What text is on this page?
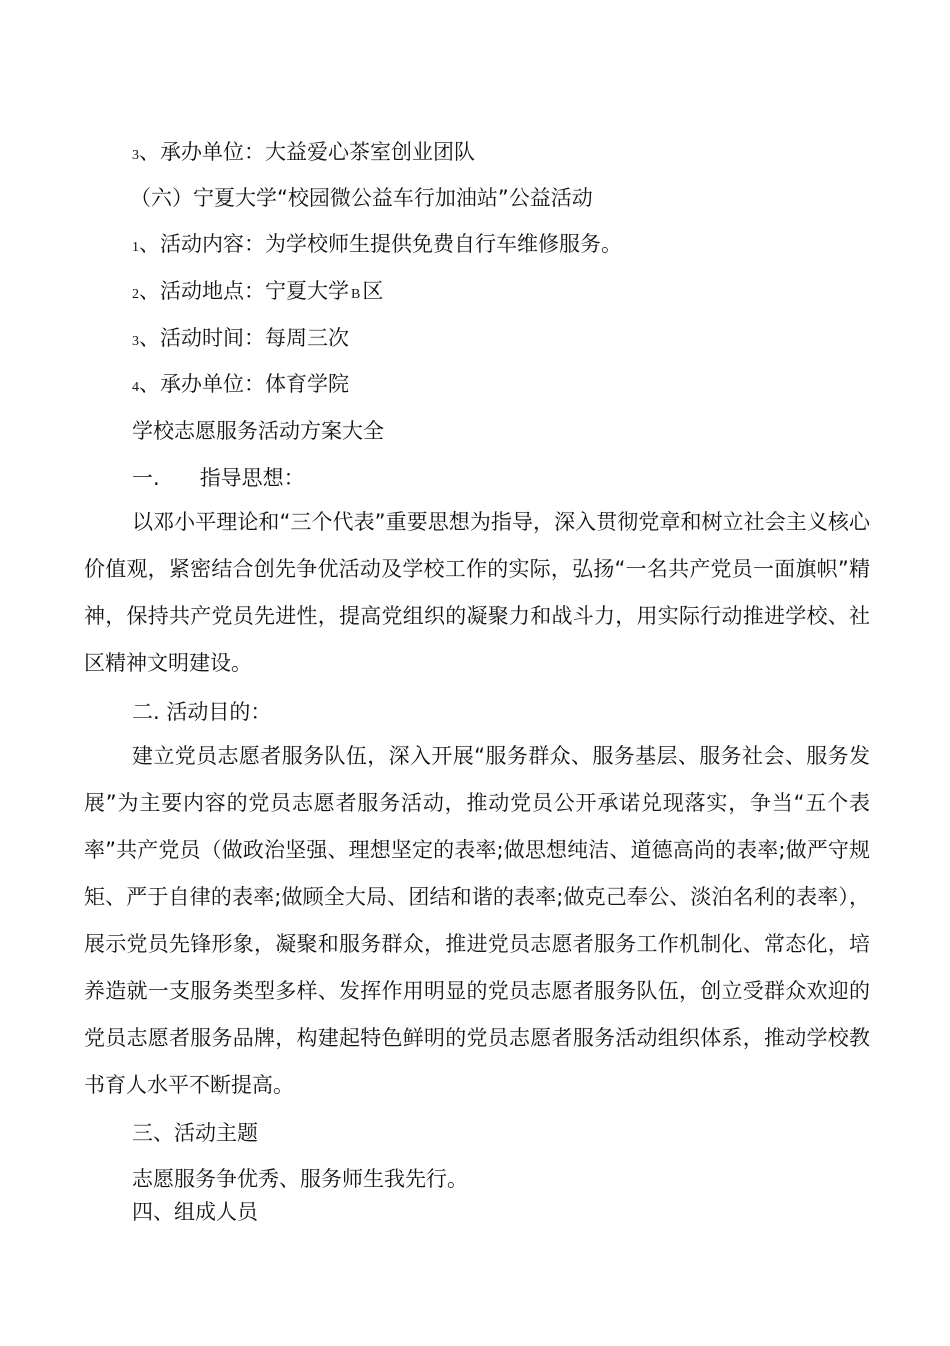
3、承办单位：大益爱心茶室创业团队
（六）宁夏大学“校园微公益车行加油站”公益活动
1、活动内容：为学校师生提供免费自行车维修服务。
2、活动地点：宁夏大学 B区
3、活动时间：每周三次
4、承办单位：体育学院
学校志愿服务活动方案大全
一. 指导思想：

以邓小平理论和“三个代表”重要思想为指导，深入贯彻党章和树立社会主义核心价值观，紧密结合创先争优活动及学校工作的实际，弘扬“一名共产党员一面旗帜”精神，保持共产党员先进性，提高党组织的凝聚力和战斗力，用实际行动推进学校、社区精神文明建设。

二. 活动目的：

建立党员志愿者服务队伍，深入开展“服务群众、服务基层、服务社会、服务发展”为主要内容的党员志愿者服务活动，推动党员公开承诺兑现落实，争当“五个表率”共产党员（做政治坚强、理想坚定的表率;做思想纯洁、道德高尚的表率;做严守规矩、严于自律的表率;做顾全大局、团结和谐的表率;做克己奉公、淡泊名利的表率），展示党员先锋形象，凝聚和服务群众，推进党员志愿者服务工作机制化、常态化，培养造就一支服务类型多样、发挥作用明显的党员志愿者服务队伍，创立受群众欢迎的党员志愿者服务品牌，构建起特色鲜明的党员志愿者服务活动组织体系，推动学校教书育人水平不断提高。

三、活动主题
志愿服务争优秀、服务师生我先行。
四、组成人员
